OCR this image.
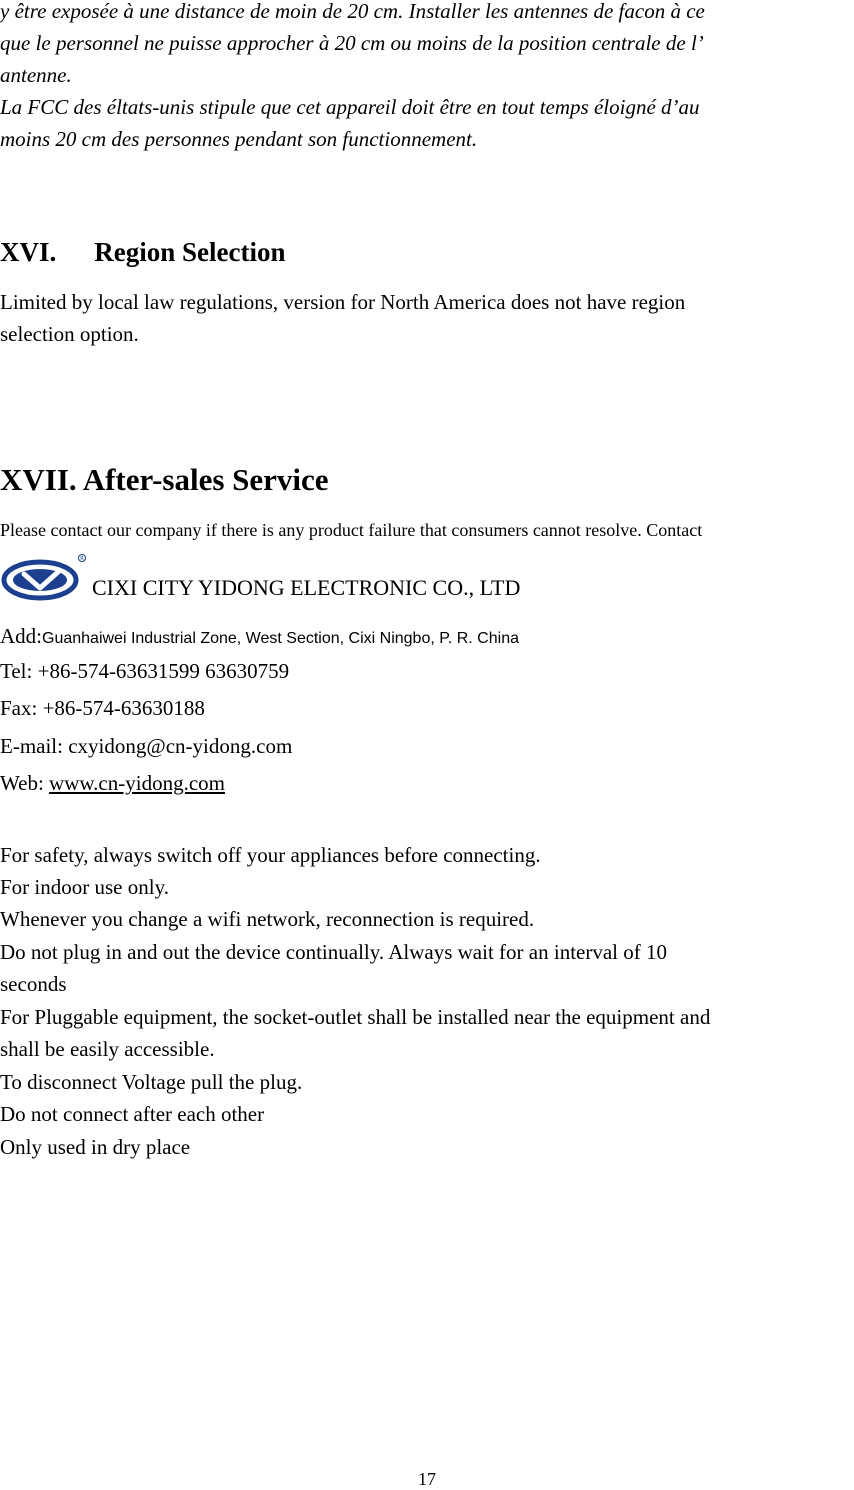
y être exposée à une distance de moin de 20 cm. Installer les antennes de facon à ce
que le personnel ne puisse approcher à 20 cm ou moins de la position centrale de l’
antenne.
La FCC des éltats-unis stipule que cet appareil doit être en tout temps éloigné d’au
moins 20 cm des personnes pendant son functionnement.
XVI. Region Selection
Limited by local law regulations, version for North America does not have region
selection option.
XVII. After-sales Service
Please contact our company if there is any product failure that consumers cannot resolve. Contact
R
CIXI CITY YIDONG ELECTRONIC CO., LTD
Add:Guanhaiwei Industrial Zone, West Section, Cixi Ningbo, P. R. China
Tel: +86-574-63631599 63630759
Fax: +86-574-63630188
E-mail: cxyidong@cn-yidong.com
Web: www.cn-yidong.com
For safety, always switch off your appliances before connecting.
For indoor use only.
Whenever you change a wifi network, reconnection is required.
Do not plug in and out the device continually. Always wait for an interval of 10
seconds
For Pluggable equipment, the socket-outlet shall be installed near the equipment and
shall be easily accessible.
To disconnect Voltage pull the plug.
Do not connect after each other
Only used in dry place
17
